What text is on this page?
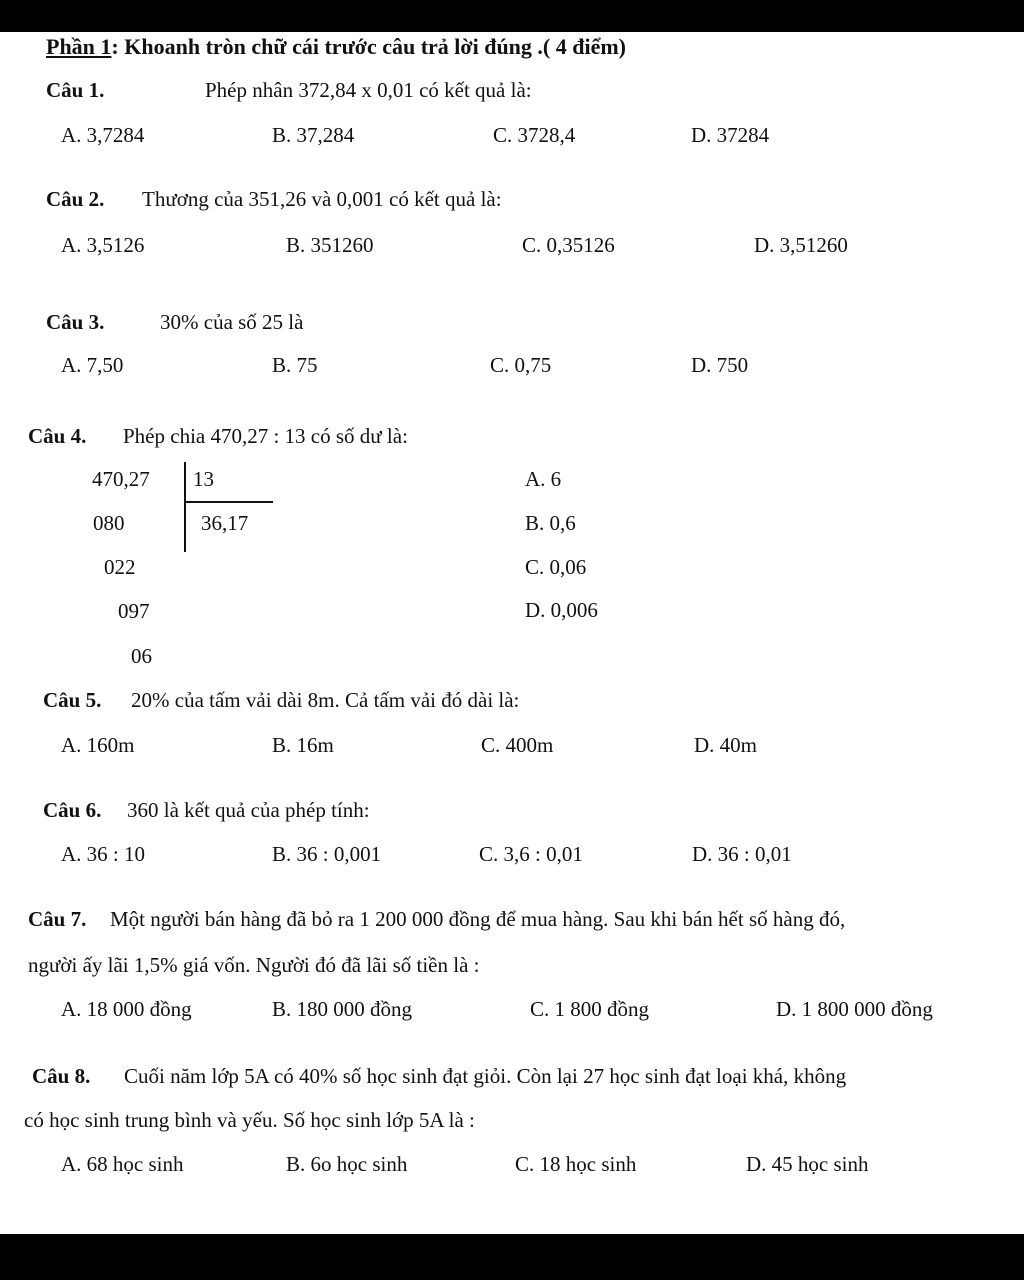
Phần 1: Khoanh tròn chữ cái trước câu trả lời đúng .( 4 điểm)
Câu 1.	Phép nhân 372,84 x 0,01 có kết quả là:
A. 3,7284	B. 37,284	C. 3728,4	D. 37284
Câu 2. Thương của 351,26 và 0,001 có kết quả là:
A. 3,5126	B. 351260	C. 0,35126	D. 3,51260
Câu 3.	30% của số 25 là
A. 7,50	B. 75	C. 0,75	D. 750
Câu 4. Phép chia 470,27 : 13 có số dư là:
470,27 13
36,17
080
022
097
06
A. 6
B. 0,6
C. 0,06
D. 0,006
Câu 5. 20% của tấm vải dài 8m. Cả tấm vải đó dài là:
A. 160m	B. 16m	C. 400m	D. 40m
Câu 6. 360 là kết quả của phép tính:
A. 36 : 10	B. 36 : 0,001	C. 3,6 : 0,01	D. 36 : 0,01
Câu 7. Một người bán hàng đã bỏ ra 1 200 000 đồng để mua hàng. Sau khi bán hết số hàng đó,
người ấy lãi 1,5% giá vốn. Người đó đã lãi số tiền là :
A. 18 000 đồng	B. 180 000 đồng	C. 1 800 đồng	D. 1 800 000 đồng
Câu 8. Cuối năm lớp 5A có 40% số học sinh đạt giỏi. Còn lại 27 học sinh đạt loại khá, không
có học sinh trung bình và yếu. Số học sinh lớp 5A là :
A. 68 học sinh	B. 6o học sinh	C. 18 học sinh	D. 45 học sinh
